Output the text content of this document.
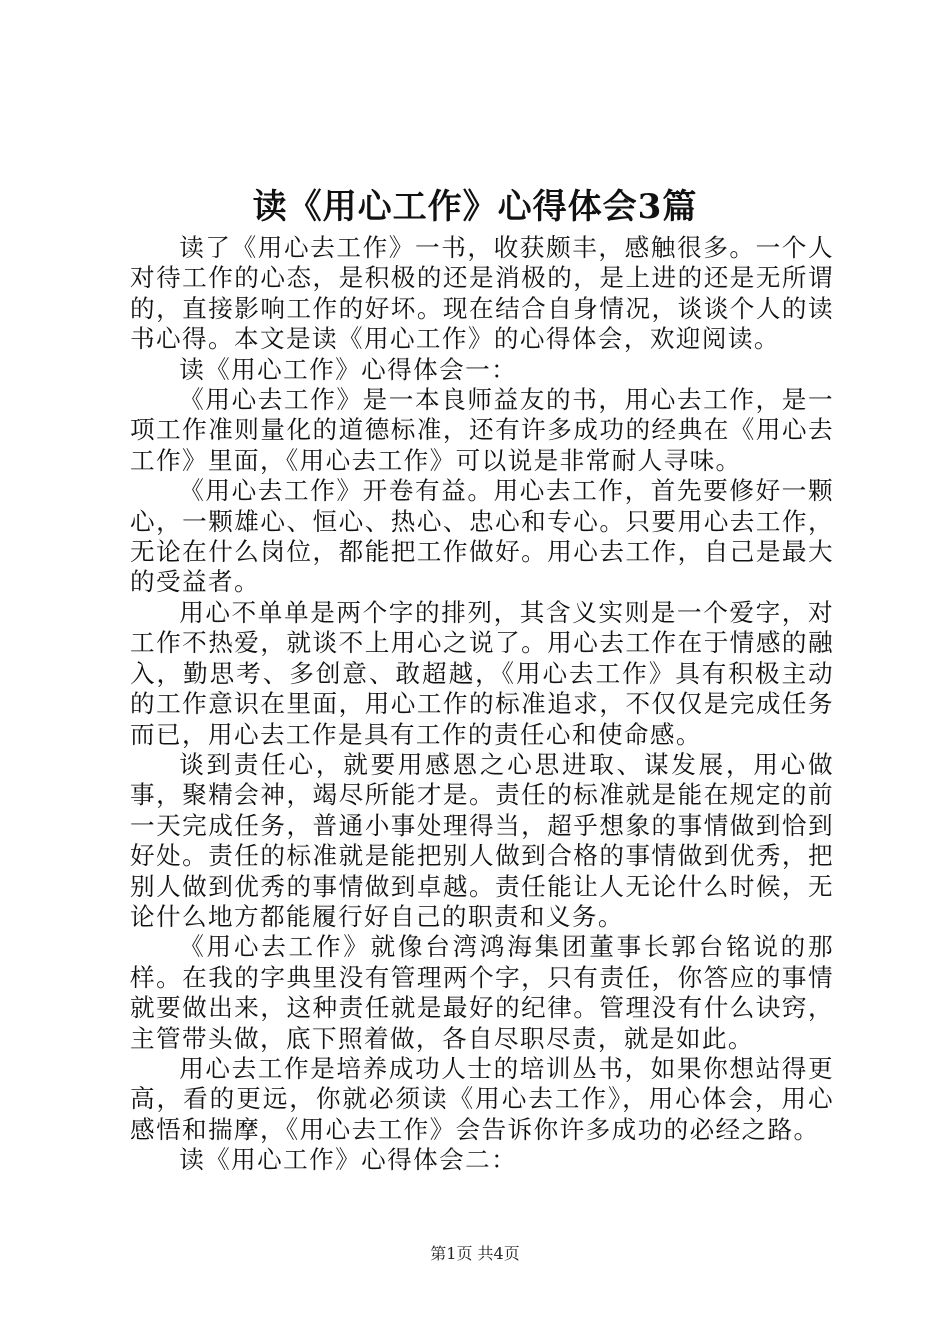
读《用心工作》心得体会3篇

读了《用心去工作》一书，收获颇丰，感触很多。一个人对待工作的心态，是积极的还是消极的，是上进的还是无所谓的，直接影响工作的好坏。现在结合自身情况，谈谈个人的读书心得。本文是读《用心工作》的心得体会，欢迎阅读。

读《用心工作》心得体会一：

《用心去工作》是一本良师益友的书，用心去工作，是一项工作准则量化的道德标准，还有许多成功的经典在《用心去工作》里面，《用心去工作》可以说是非常耐人寻味。

《用心去工作》开卷有益。用心去工作，首先要修好一颗心，一颗雄心、恒心、热心、忠心和专心。只要用心去工作，无论在什么岗位，都能把工作做好。用心去工作，自己是最大的受益者。

用心不单单是两个字的排列，其含义实则是一个爱字，对工作不热爱，就谈不上用心之说了。用心去工作在于情感的融入，勤思考、多创意、敢超越，《用心去工作》具有积极主动的工作意识在里面，用心工作的标准追求，不仅仅是完成任务而已，用心去工作是具有工作的责任心和使命感。

谈到责任心，就要用感恩之心思进取、谋发展，用心做事，聚精会神，竭尽所能才是。责任的标准就是能在规定的前一天完成任务，普通小事处理得当，超乎想象的事情做到恰到好处。责任的标准就是能把别人做到合格的事情做到优秀，把别人做到优秀的事情做到卓越。责任能让人无论什么时候，无论什么地方都能履行好自己的职责和义务。

《用心去工作》就像台湾鸿海集团董事长郭台铭说的那样。在我的字典里没有管理两个字，只有责任，你答应的事情就要做出来，这种责任就是最好的纪律。管理没有什么诀窍，主管带头做，底下照着做，各自尽职尽责，就是如此。

用心去工作是培养成功人士的培训丛书，如果你想站得更高，看的更远，你就必须读《用心去工作》，用心体会，用心感悟和揣摩，《用心去工作》会告诉你许多成功的必经之路。

读《用心工作》心得体会二：

第1页 共4页
